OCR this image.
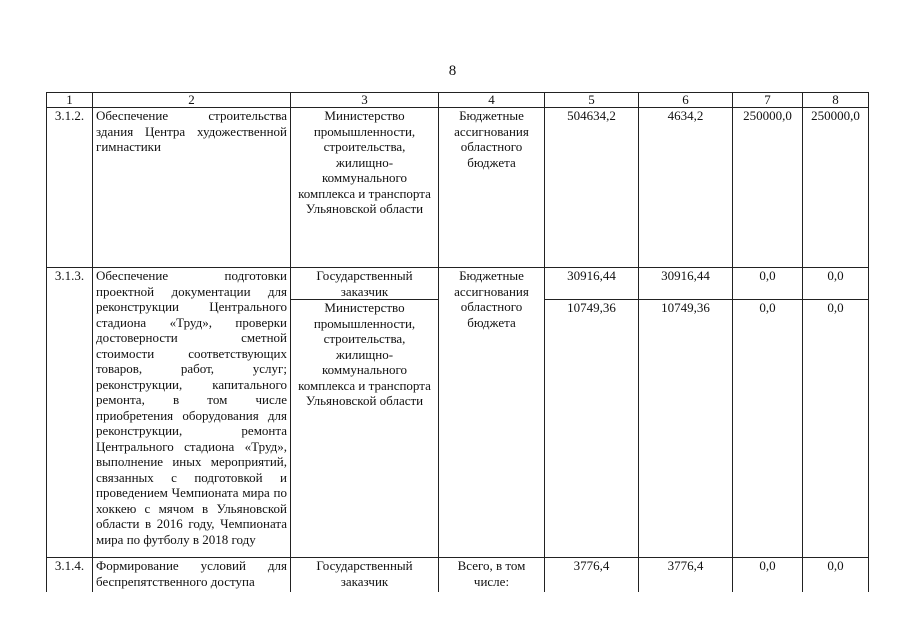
8
1	2	3	4	5	6	7	8
3.1.2.	Обеспечение строительства здания Центра художественной гимнастики	Министерство промышленности, строительства, жилищно-коммунального комплекса и транспорта Ульяновской области	Бюджетные ассигнования областного бюджета	504634,2	4634,2	250000,0	250000,0
3.1.3.	Обеспечение подготовки проектной документации для реконструкции Центрального стадиона «Труд», проверки достоверности сметной стоимости соответствующих товаров, работ, услуг; реконструкции, капитального ремонта, в том числе приобретения оборудования для реконструкции, ремонта Центрального стадиона «Труд», выполнение иных мероприятий, связанных с подготовкой и проведением Чемпионата мира по хоккею с мячом в Ульяновской области в 2016 году, Чемпионата мира по футболу в 2018 году	Государственный заказчик	Бюджетные ассигнования областного бюджета	30916,44	30916,44	0,0	0,0
		Министерство промышленности, строительства, жилищно-коммунального комплекса и транспорта Ульяновской области		10749,36	10749,36	0,0	0,0
3.1.4.	Формирование условий для беспрепятственного доступа	Государственный заказчик	Всего, в том числе:	3776,4	3776,4	0,0	0,0
